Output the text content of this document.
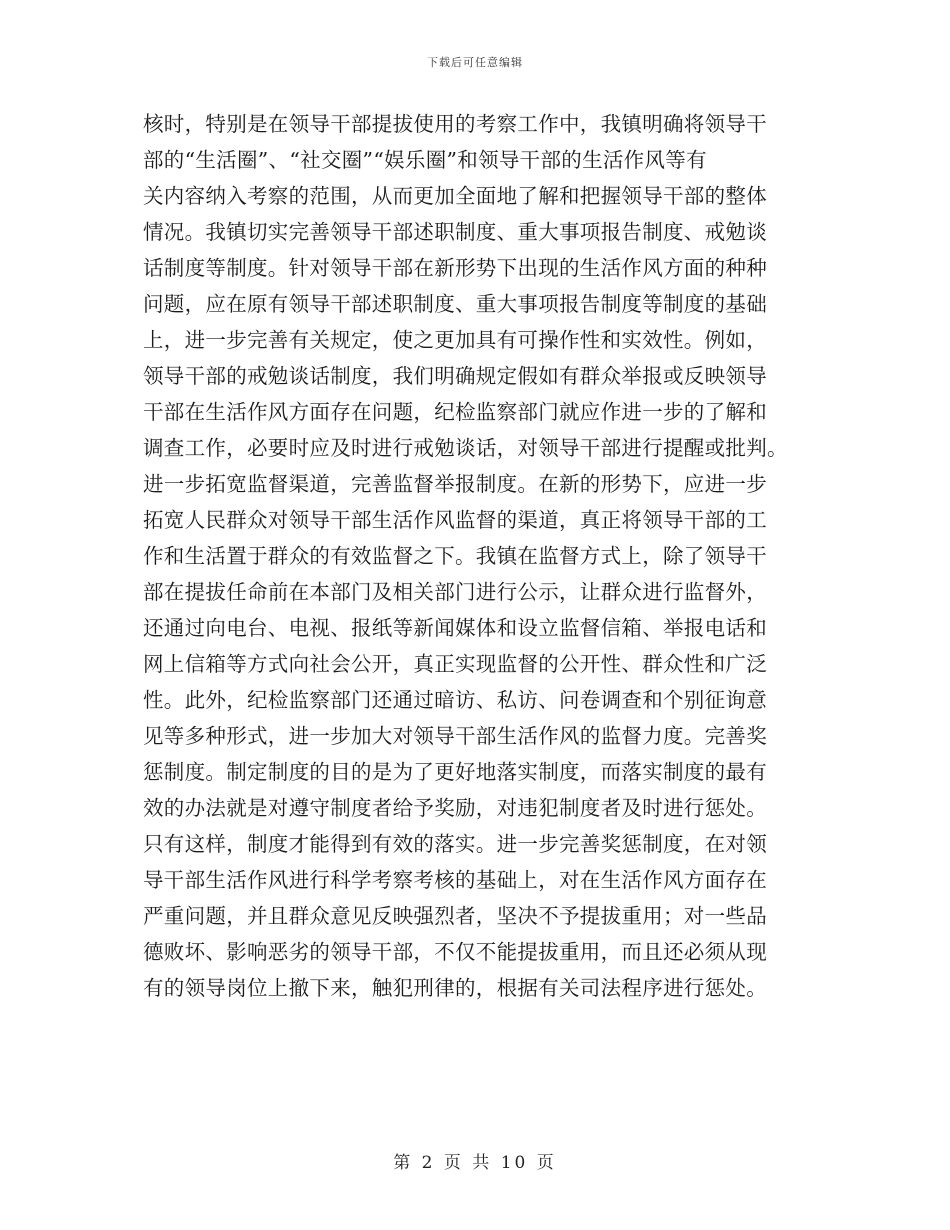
下载后可任意编辑
核时，特别是在领导干部提拔使用的考察工作中，我镇明确将领导干
部的“生活圈”、“社交圈”“娱乐圈”和领导干部的生活作风等有
关内容纳入考察的范围，从而更加全面地了解和把握领导干部的整体
情况。我镇切实完善领导干部述职制度、重大事项报告制度、戒勉谈
话制度等制度。针对领导干部在新形势下出现的生活作风方面的种种
问题，应在原有领导干部述职制度、重大事项报告制度等制度的基础
上，进一步完善有关规定，使之更加具有可操作性和实效性。例如，
领导干部的戒勉谈话制度，我们明确规定假如有群众举报或反映领导
干部在生活作风方面存在问题，纪检监察部门就应作进一步的了解和
调查工作，必要时应及时进行戒勉谈话，对领导干部进行提醒或批判。
进一步拓宽监督渠道，完善监督举报制度。在新的形势下，应进一步
拓宽人民群众对领导干部生活作风监督的渠道，真正将领导干部的工
作和生活置于群众的有效监督之下。我镇在监督方式上，除了领导干
部在提拔任命前在本部门及相关部门进行公示，让群众进行监督外，
还通过向电台、电视、报纸等新闻媒体和设立监督信箱、举报电话和
网上信箱等方式向社会公开，真正实现监督的公开性、群众性和广泛
性。此外，纪检监察部门还通过暗访、私访、问卷调查和个别征询意
见等多种形式，进一步加大对领导干部生活作风的监督力度。完善奖
惩制度。制定制度的目的是为了更好地落实制度，而落实制度的最有
效的办法就是对遵守制度者给予奖励，对违犯制度者及时进行惩处。
只有这样，制度才能得到有效的落实。进一步完善奖惩制度，在对领
导干部生活作风进行科学考察考核的基础上，对在生活作风方面存在
严重问题，并且群众意见反映强烈者，坚决不予提拔重用；对一些品
德败坏、影响恶劣的领导干部，不仅不能提拔重用，而且还必须从现
有的领导岗位上撤下来，触犯刑律的，根据有关司法程序进行惩处。
第 2 页 共 10 页
